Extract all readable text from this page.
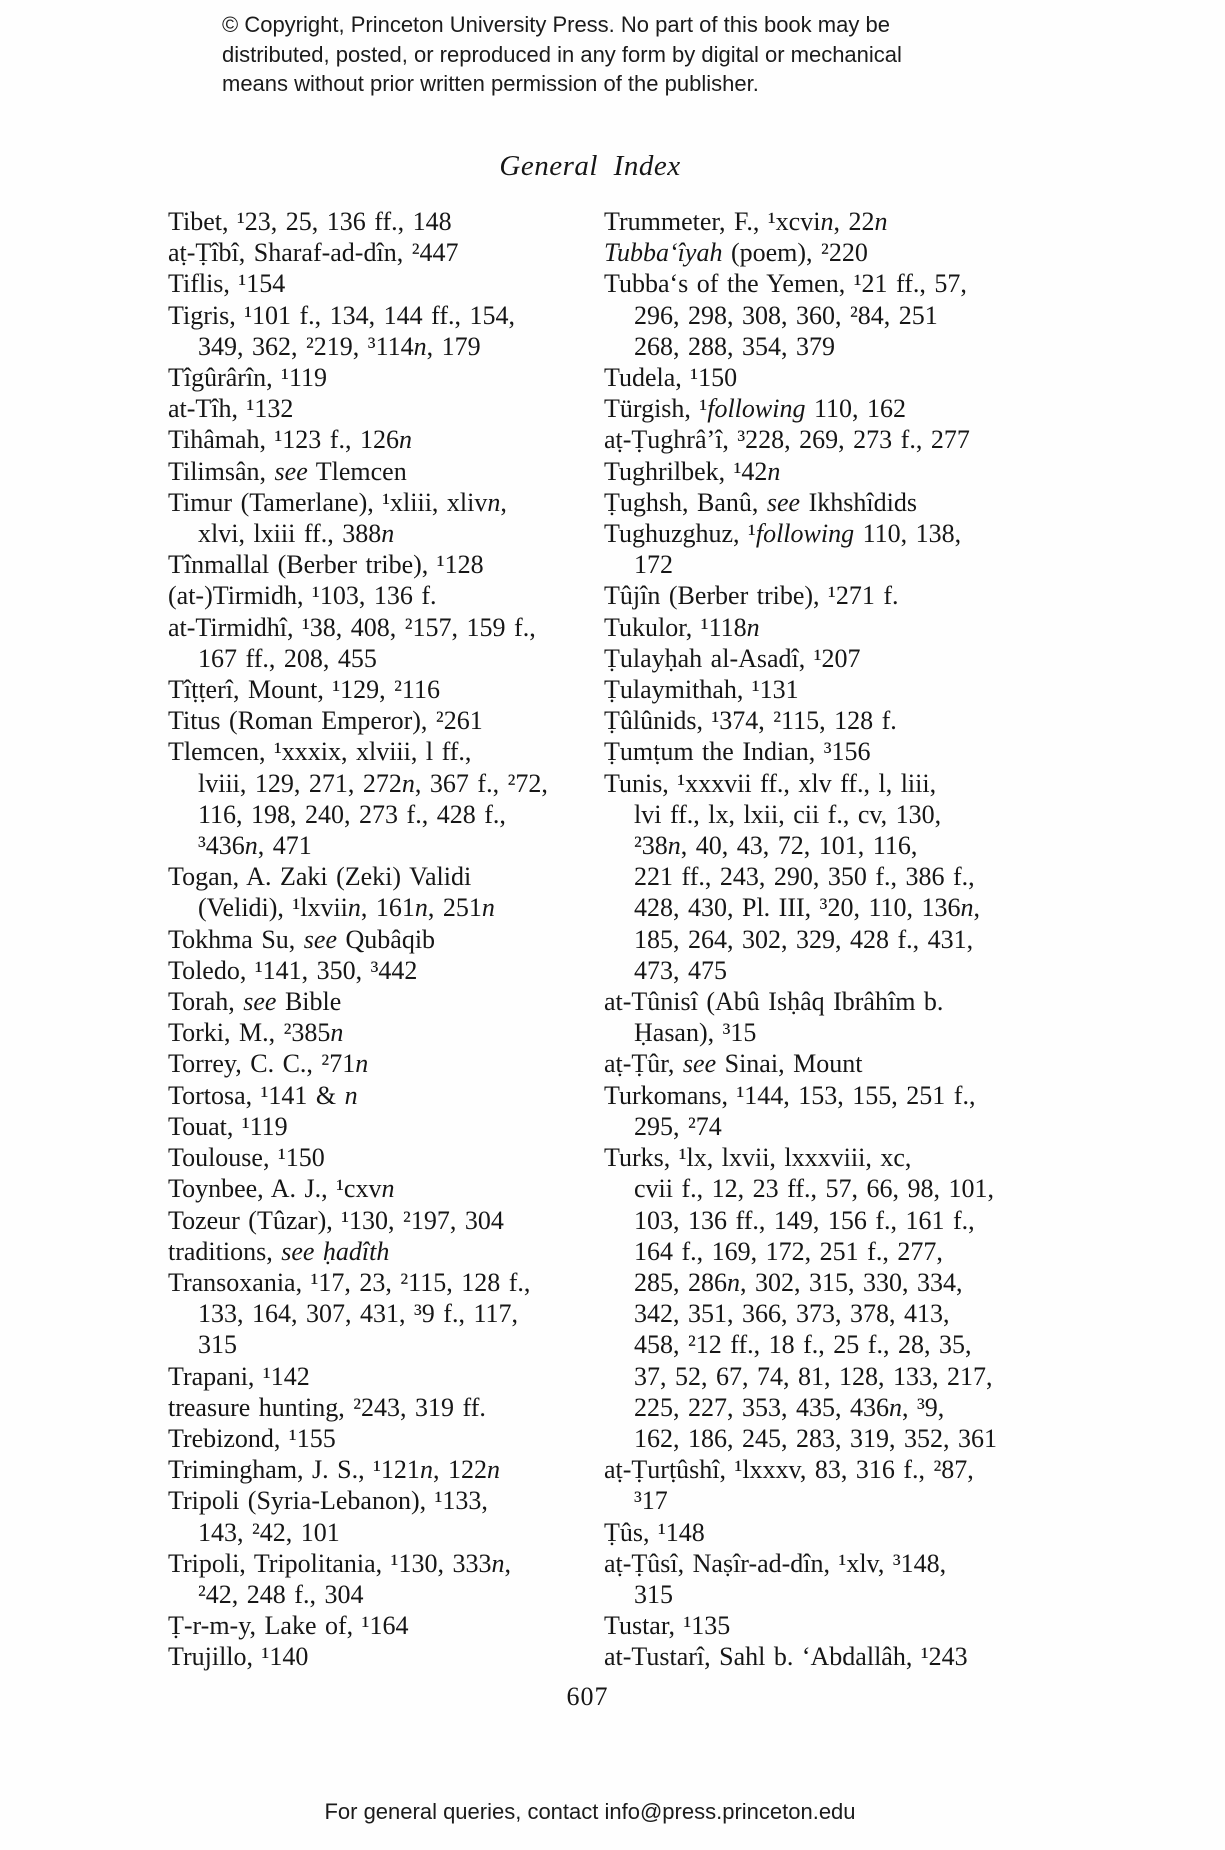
© Copyright, Princeton University Press. No part of this book may be
distributed, posted, or reproduced in any form by digital or mechanical
means without prior written permission of the publisher.
General Index
Tibet, ¹23, 25, 136 ff., 148
aṭ-Ṭîbî, Sharaf-ad-dîn, ²447
Tiflis, ¹154
Tigris, ¹101 f., 134, 144 ff., 154,
349, 362, ²219, ³114n, 179
Tîgûrârîn, ¹119
at-Tîh, ¹132
Tihâmah, ¹123 f., 126n
Tilimsân, see Tlemcen
Timur (Tamerlane), ¹xliii, xlivn,
xlvi, lxiii ff., 388n
Tînmallal (Berber tribe), ¹128
(at-)Tirmidh, ¹103, 136 f.
at-Tirmidhî, ¹38, 408, ²157, 159 f.,
167 ff., 208, 455
Tîṭṭerî, Mount, ¹129, ²116
Titus (Roman Emperor), ²261
Tlemcen, ¹xxxix, xlviii, l ff.,
lviii, 129, 271, 272n, 367 f., ²72,
116, 198, 240, 273 f., 428 f.,
³436n, 471
Togan, A. Zaki (Zeki) Validi
(Velidi), ¹lxviin, 161n, 251n
Tokhma Su, see Qubâqib
Toledo, ¹141, 350, ³442
Torah, see Bible
Torki, M., ²385n
Torrey, C. C., ²71n
Tortosa, ¹141 & n
Touat, ¹119
Toulouse, ¹150
Toynbee, A. J., ¹cxvn
Tozeur (Tûzar), ¹130, ²197, 304
traditions, see ḥadîth
Transoxania, ¹17, 23, ²115, 128 f.,
133, 164, 307, 431, ³9 f., 117,
315
Trapani, ¹142
treasure hunting, ²243, 319 ff.
Trebizond, ¹155
Trimingham, J. S., ¹121n, 122n
Tripoli (Syria-Lebanon), ¹133,
143, ²42, 101
Tripoli, Tripolitania, ¹130, 333n,
²42, 248 f., 304
Ṭ-r-m-y, Lake of, ¹164
Trujillo, ¹140
Trummeter, F., ¹xcvin, 22n
Tubba‘îyah (poem), ²220
Tubba‘s of the Yemen, ¹21 ff., 57,
296, 298, 308, 360, ²84, 251
268, 288, 354, 379
Tudela, ¹150
Türgish, ¹following 110, 162
aṭ-Ṭughrâ’î, ³228, 269, 273 f., 277
Tughrilbek, ¹42n
Ṭughsh, Banû, see Ikhshîdids
Tughuzghuz, ¹following 110, 138,
172
Tûjîn (Berber tribe), ¹271 f.
Tukulor, ¹118n
Ṭulayḥah al-Asadî, ¹207
Ṭulaymithah, ¹131
Ṭûlûnids, ¹374, ²115, 128 f.
Ṭumṭum the Indian, ³156
Tunis, ¹xxxvii ff., xlv ff., l, liii,
lvi ff., lx, lxii, cii f., cv, 130,
²38n, 40, 43, 72, 101, 116,
221 ff., 243, 290, 350 f., 386 f.,
428, 430, Pl. III, ³20, 110, 136n,
185, 264, 302, 329, 428 f., 431,
473, 475
at-Tûnisî (Abû Isḥâq Ibrâhîm b.
Ḥasan), ³15
aṭ-Ṭûr, see Sinai, Mount
Turkomans, ¹144, 153, 155, 251 f.,
295, ²74
Turks, ¹lx, lxvii, lxxxviii, xc,
cvii f., 12, 23 ff., 57, 66, 98, 101,
103, 136 ff., 149, 156 f., 161 f.,
164 f., 169, 172, 251 f., 277,
285, 286n, 302, 315, 330, 334,
342, 351, 366, 373, 378, 413,
458, ²12 ff., 18 f., 25 f., 28, 35,
37, 52, 67, 74, 81, 128, 133, 217,
225, 227, 353, 435, 436n, ³9,
162, 186, 245, 283, 319, 352, 361
aṭ-Ṭurṭûshî, ¹lxxxv, 83, 316 f., ²87,
³17
Ṭûs, ¹148
aṭ-Ṭûsî, Naṣîr-ad-dîn, ¹xlv, ³148,
315
Tustar, ¹135
at-Tustarî, Sahl b. ‘Abdallâh, ¹243
607
For general queries, contact info@press.princeton.edu
